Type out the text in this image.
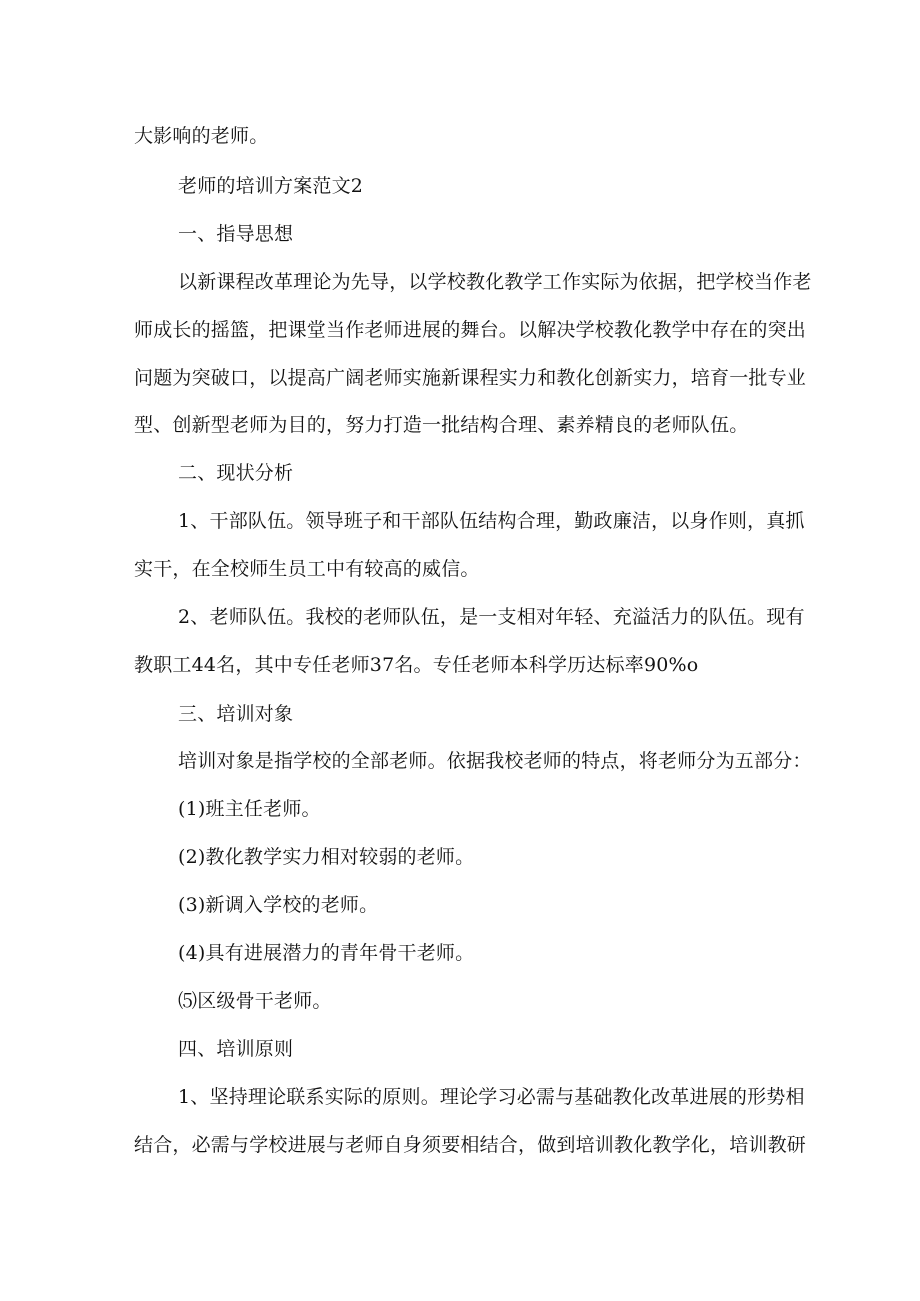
大影响的老师。
老师的培训方案范文2
一、指导思想
以新课程改革理论为先导，以学校教化教学工作实际为依据，把学校当作老
师成长的摇篮，把课堂当作老师进展的舞台。以解决学校教化教学中存在的突出
问题为突破口，以提高广阔老师实施新课程实力和教化创新实力，培育一批专业
型、创新型老师为目的，努力打造一批结构合理、素养精良的老师队伍。
二、现状分析
1、干部队伍。领导班子和干部队伍结构合理，勤政廉洁，以身作则，真抓
实干，在全校师生员工中有较高的威信。
2、老师队伍。我校的老师队伍，是一支相对年轻、充溢活力的队伍。现有
教职工44名，其中专任老师37名。专任老师本科学历达标率90%o
三、培训对象
培训对象是指学校的全部老师。依据我校老师的特点，将老师分为五部分：
(1)班主任老师。
(2)教化教学实力相对较弱的老师。
(3)新调入学校的老师。
(4)具有进展潜力的青年骨干老师。
⑸区级骨干老师。
四、培训原则
1、坚持理论联系实际的原则。理论学习必需与基础教化改革进展的形势相
结合，必需与学校进展与老师自身须要相结合，做到培训教化教学化，培训教研
